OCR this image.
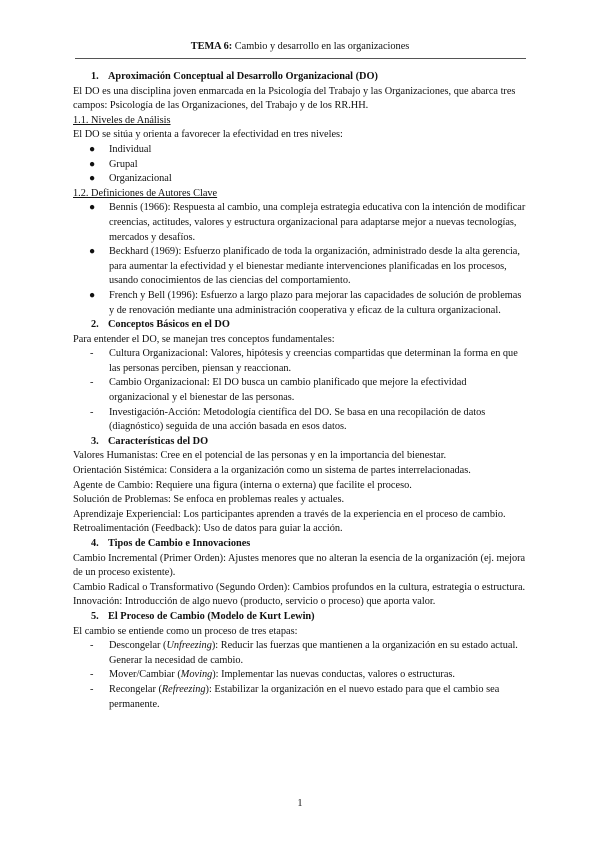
TEMA 6: Cambio y desarrollo en las organizaciones
1. Aproximación Conceptual al Desarrollo Organizacional (DO)

El DO es una disciplina joven enmarcada en la Psicología del Trabajo y las Organizaciones, que abarca tres campos: Psicología de las Organizaciones, del Trabajo y de los RR.HH.

1.1. Niveles de Análisis

El DO se sitúa y orienta a favorecer la efectividad en tres niveles:

● Individual
● Grupal
● Organizacional
1.2. Definiciones de Autores Clave
● Bennis (1966): Respuesta al cambio, una compleja estrategia educativa con la intención de modificar creencias, actitudes, valores y estructura organizacional para adaptarse mejor a nuevas tecnologías, mercados y desafíos.
● Beckhard (1969): Esfuerzo planificado de toda la organización, administrado desde la alta gerencia, para aumentar la efectividad y el bienestar mediante intervenciones planificadas en los procesos, usando conocimientos de las ciencias del comportamiento.
● French y Bell (1996): Esfuerzo a largo plazo para mejorar las capacidades de solución de problemas y de renovación mediante una administración cooperativa y eficaz de la cultura organizacional.
2. Conceptos Básicos en el DO

Para entender el DO, se manejan tres conceptos fundamentales:

- Cultura Organizacional: Valores, hipótesis y creencias compartidas que determinan la forma en que las personas perciben, piensan y reaccionan.
- Cambio Organizacional: El DO busca un cambio planificado que mejore la efectividad organizacional y el bienestar de las personas.
- Investigación-Acción: Metodología científica del DO. Se basa en una recopilación de datos (diagnóstico) seguida de una acción basada en esos datos.
3. Características del DO

Valores Humanistas: Cree en el potencial de las personas y en la importancia del bienestar.

Orientación Sistémica: Considera a la organización como un sistema de partes interrelacionadas.

Agente de Cambio: Requiere una figura (interna o externa) que facilite el proceso.

Solución de Problemas: Se enfoca en problemas reales y actuales.

Aprendizaje Experiencial: Los participantes aprenden a través de la experiencia en el proceso de cambio.

Retroalimentación (Feedback): Uso de datos para guiar la acción.

4. Tipos de Cambio e Innovaciones

Cambio Incremental (Primer Orden): Ajustes menores que no alteran la esencia de la organización (ej. mejora de un proceso existente).

Cambio Radical o Transformativo (Segundo Orden): Cambios profundos en la cultura, estrategia o estructura.

Innovación: Introducción de algo nuevo (producto, servicio o proceso) que aporta valor.

5. El Proceso de Cambio (Modelo de Kurt Lewin)

El cambio se entiende como un proceso de tres etapas:

- Descongelar (Unfreezing): Reducir las fuerzas que mantienen a la organización en su estado actual. Generar la necesidad de cambio.
- Mover/Cambiar (Moving): Implementar las nuevas conductas, valores o estructuras.
- Recongelar (Refreezing): Estabilizar la organización en el nuevo estado para que el cambio sea permanente.
1
